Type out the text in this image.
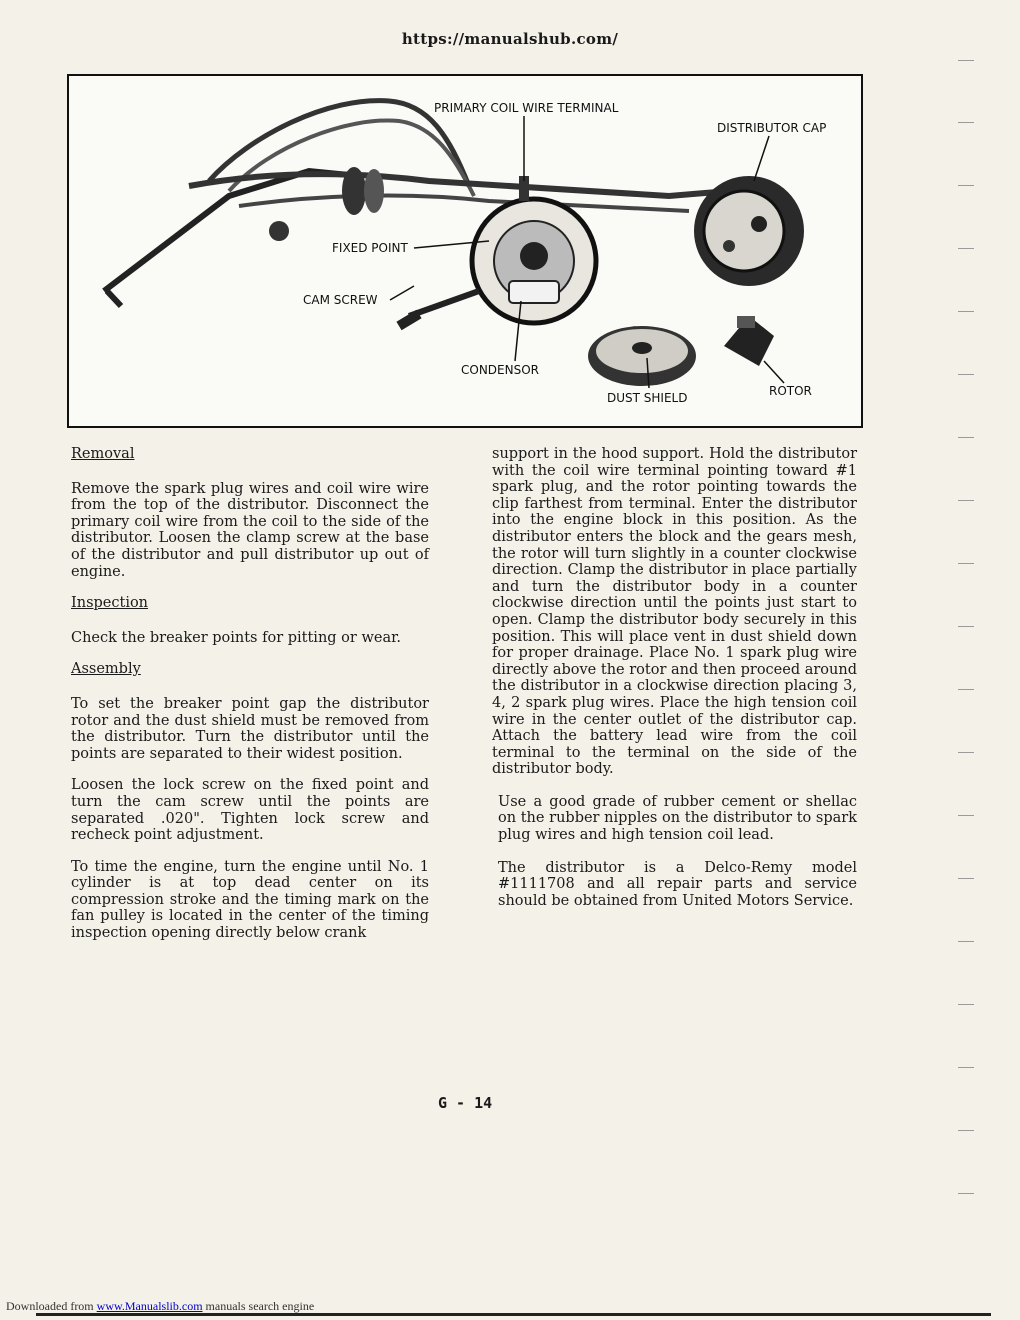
https://manualshub.com/
PRIMARY COIL WIRE TERMINAL
DISTRIBUTOR CAP
FIXED POINT
CAM SCREW
CONDENSOR
DUST SHIELD	ROTOR
Removal

Remove the spark plug wires and coil wire wire from the top of the distributor. Disconnect the primary coil wire from the coil to the side of the distributor. Loosen the clamp screw at the base of the distributor and pull distributor up out of engine.

Inspection

Check the breaker points for pitting or wear.

Assembly

To set the breaker point gap the distributor rotor and the dust shield must be removed from the distributor. Turn the distributor until the points are separated to their widest position.

Loosen the lock screw on the fixed point and turn the cam screw until the points are separated .020". Tighten lock screw and recheck point adjustment.

To time the engine, turn the engine until No. 1 cylinder is at top dead center on its compression stroke and the timing mark on the fan pulley is located in the center of the timing inspection opening directly below crank

support in the hood support. Hold the distributor with the coil wire terminal pointing toward #1 spark plug, and the rotor pointing towards the clip farthest from terminal. Enter the distributor into the engine block in this position. As the distributor enters the block and the gears mesh, the rotor will turn slightly in a counter clockwise direction. Clamp the distributor in place partially and turn the distributor body in a counter clockwise direction until the points just start to open. Clamp the distributor body securely in this position. This will place vent in dust shield down for proper drainage. Place No. 1 spark plug wire directly above the rotor and then proceed around the distributor in a clockwise direction placing 3, 4, 2 spark plug wires. Place the high tension coil wire in the center outlet of the distributor cap. Attach the battery lead wire from the coil terminal to the terminal on the side of the distributor body.

Use a good grade of rubber cement or shellac on the rubber nipples on the distributor to spark plug wires and high tension coil lead.

The distributor is a Delco-Remy model #1111708 and all repair parts and service should be obtained from United Motors Service.

G - 14
Downloaded from www.Manualslib.com manuals search engine
